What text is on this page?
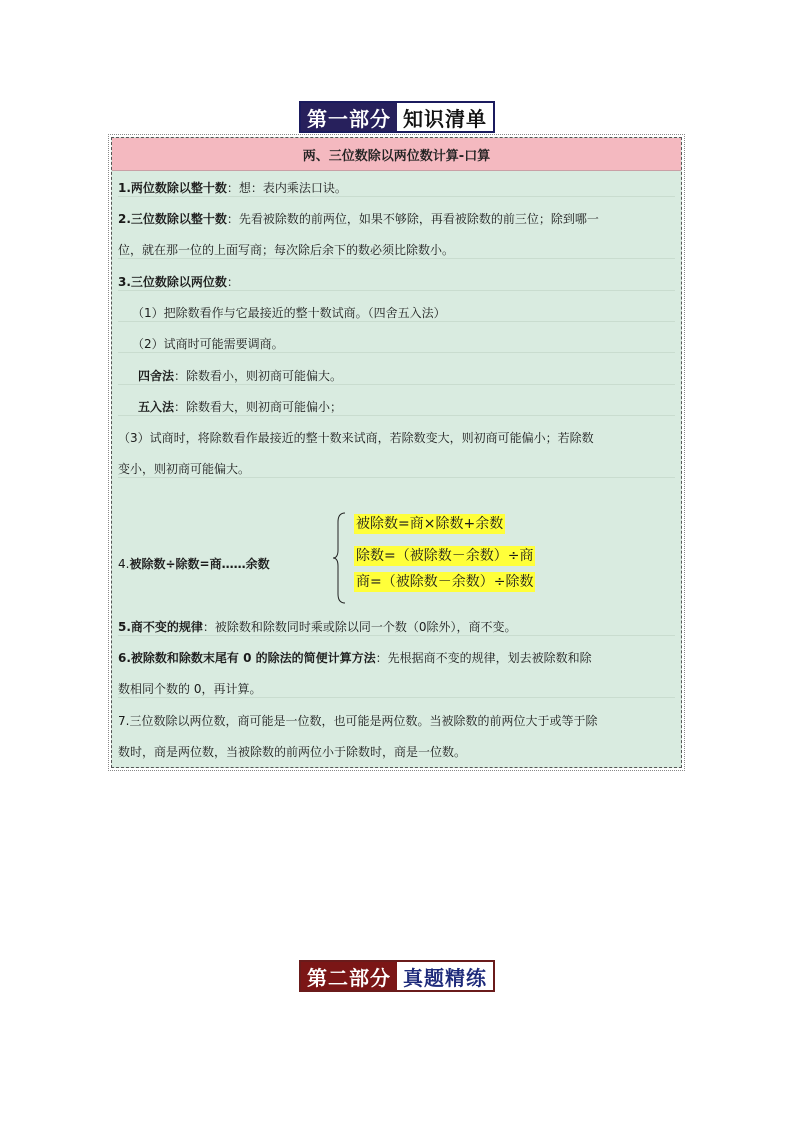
第一部分 知识清单
两、三位数除以两位数计算-口算
1.两位数除以整十数：想：表内乘法口诀。
2.三位数除以整十数：先看被除数的前两位，如果不够除，再看被除数的前三位；除到哪一
位，就在那一位的上面写商；每次除后余下的数必须比除数小。
3.三位数除以两位数：
（1）把除数看作与它最接近的整十数试商。（四舍五入法）
（2）试商时可能需要调商。
四舍法：除数看小，则初商可能偏大。
五入法：除数看大，则初商可能偏小；
（3）试商时，将除数看作最接近的整十数来试商，若除数变大，则初商可能偏小；若除数
变小，则初商可能偏大。
4.被除数÷除数=商……余数
被除数=商×除数+余数
除数=（被除数－余数）÷商
商=（被除数－余数）÷除数
5.商不变的规律：被除数和除数同时乘或除以同一个数（0除外），商不变。
6.被除数和除数末尾有 0 的除法的简便计算方法：先根据商不变的规律，划去被除数和除
数相同个数的 0，再计算。
7.三位数除以两位数，商可能是一位数，也可能是两位数。当被除数的前两位大于或等于除
数时，商是两位数，当被除数的前两位小于除数时，商是一位数。
第二部分 真题精练
